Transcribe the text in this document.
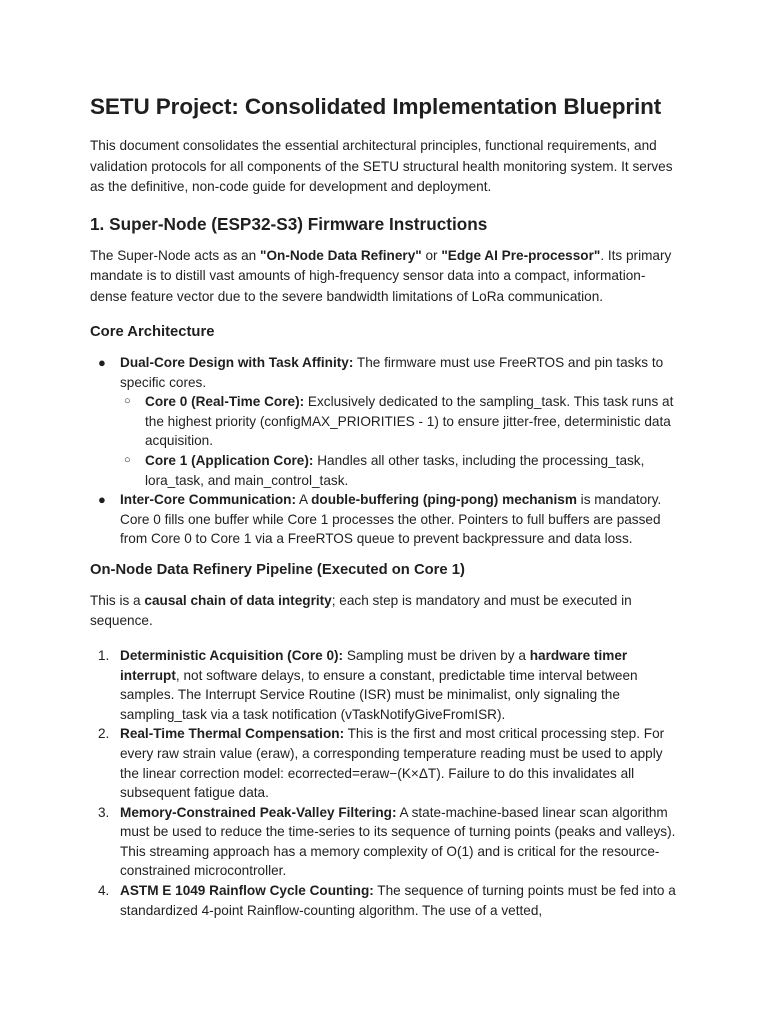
SETU Project: Consolidated Implementation Blueprint

This document consolidates the essential architectural principles, functional requirements, and validation protocols for all components of the SETU structural health monitoring system. It serves as the definitive, non-code guide for development and deployment.

1. Super-Node (ESP32-S3) Firmware Instructions

The Super-Node acts as an "On-Node Data Refinery" or "Edge AI Pre-processor". Its primary mandate is to distill vast amounts of high-frequency sensor data into a compact, information-dense feature vector due to the severe bandwidth limitations of LoRa communication.

Core Architecture
● Dual-Core Design with Task Affinity: The firmware must use FreeRTOS and pin tasks to specific cores.
○ Core 0 (Real-Time Core): Exclusively dedicated to the sampling_task. This task runs at the highest priority (configMAX_PRIORITIES - 1) to ensure jitter-free, deterministic data acquisition.
○ Core 1 (Application Core): Handles all other tasks, including the processing_task, lora_task, and main_control_task.
● Inter-Core Communication: A double-buffering (ping-pong) mechanism is mandatory. Core 0 fills one buffer while Core 1 processes the other. Pointers to full buffers are passed from Core 0 to Core 1 via a FreeRTOS queue to prevent backpressure and data loss.
On-Node Data Refinery Pipeline (Executed on Core 1)

This is a causal chain of data integrity; each step is mandatory and must be executed in sequence.

1. Deterministic Acquisition (Core 0): Sampling must be driven by a hardware timer interrupt, not software delays, to ensure a constant, predictable time interval between samples. The Interrupt Service Routine (ISR) must be minimalist, only signaling the sampling_task via a task notification (vTaskNotifyGiveFromISR).
2. Real-Time Thermal Compensation: This is the first and most critical processing step. For every raw strain value (eraw), a corresponding temperature reading must be used to apply the linear correction model: ecorrected=eraw−(K×ΔT). Failure to do this invalidates all subsequent fatigue data.
3. Memory-Constrained Peak-Valley Filtering: A state-machine-based linear scan algorithm must be used to reduce the time-series to its sequence of turning points (peaks and valleys). This streaming approach has a memory complexity of O(1) and is critical for the resource-constrained microcontroller.
4. ASTM E 1049 Rainflow Cycle Counting: The sequence of turning points must be fed into a standardized 4-point Rainflow-counting algorithm. The use of a vetted,
